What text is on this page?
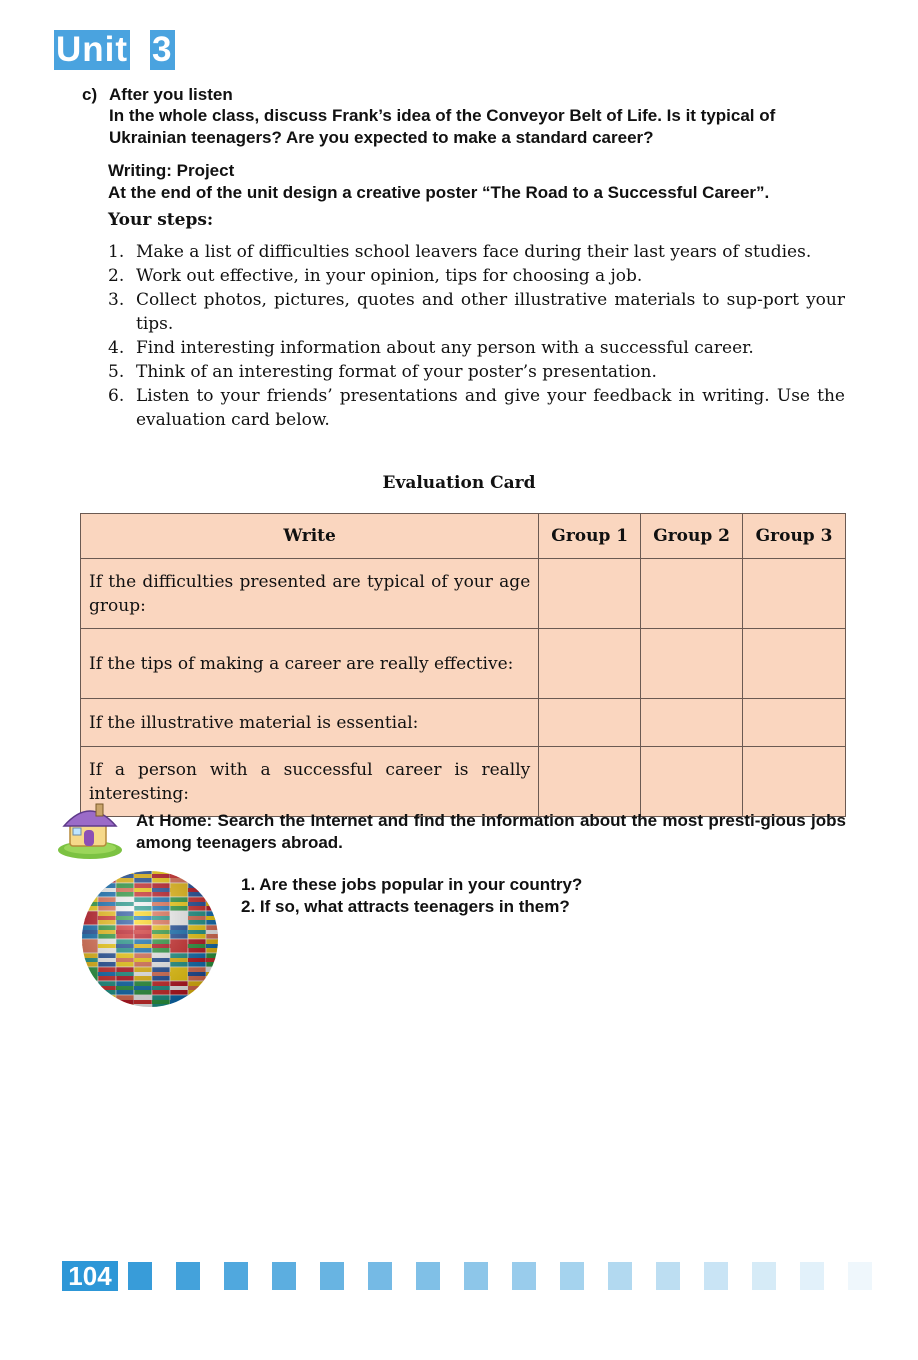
Unit 3
c) After you listen
In the whole class, discuss Frank’s idea of the Conveyor Belt of Life. Is it typical of Ukrainian teenagers? Are you expected to make a standard career?
Writing: Project
At the end of the unit design a creative poster “The Road to a Successful Career”.
Your steps:
1. Make a list of difficulties school leavers face during their last years of studies.
2. Work out effective, in your opinion, tips for choosing a job.
3. Collect photos, pictures, quotes and other illustrative materials to sup-port your tips.
4. Find interesting information about any person with a successful career.
5. Think of an interesting format of your poster’s presentation.
6. Listen to your friends’ presentations and give your feedback in writing. Use the evaluation card below.
Evaluation Card
Write	Group 1	Group 2	Group 3
If the difficulties presented are typical of your age group:			
If the tips of making a career are really effective:			
If the illustrative material is essential:			
If a person with a successful career is really interesting:			
At Home: Search the Internet and find the information about the most presti-gious jobs among teenagers abroad.
1. Are these jobs popular in your country?
2. If so, what attracts teenagers in them?
104
